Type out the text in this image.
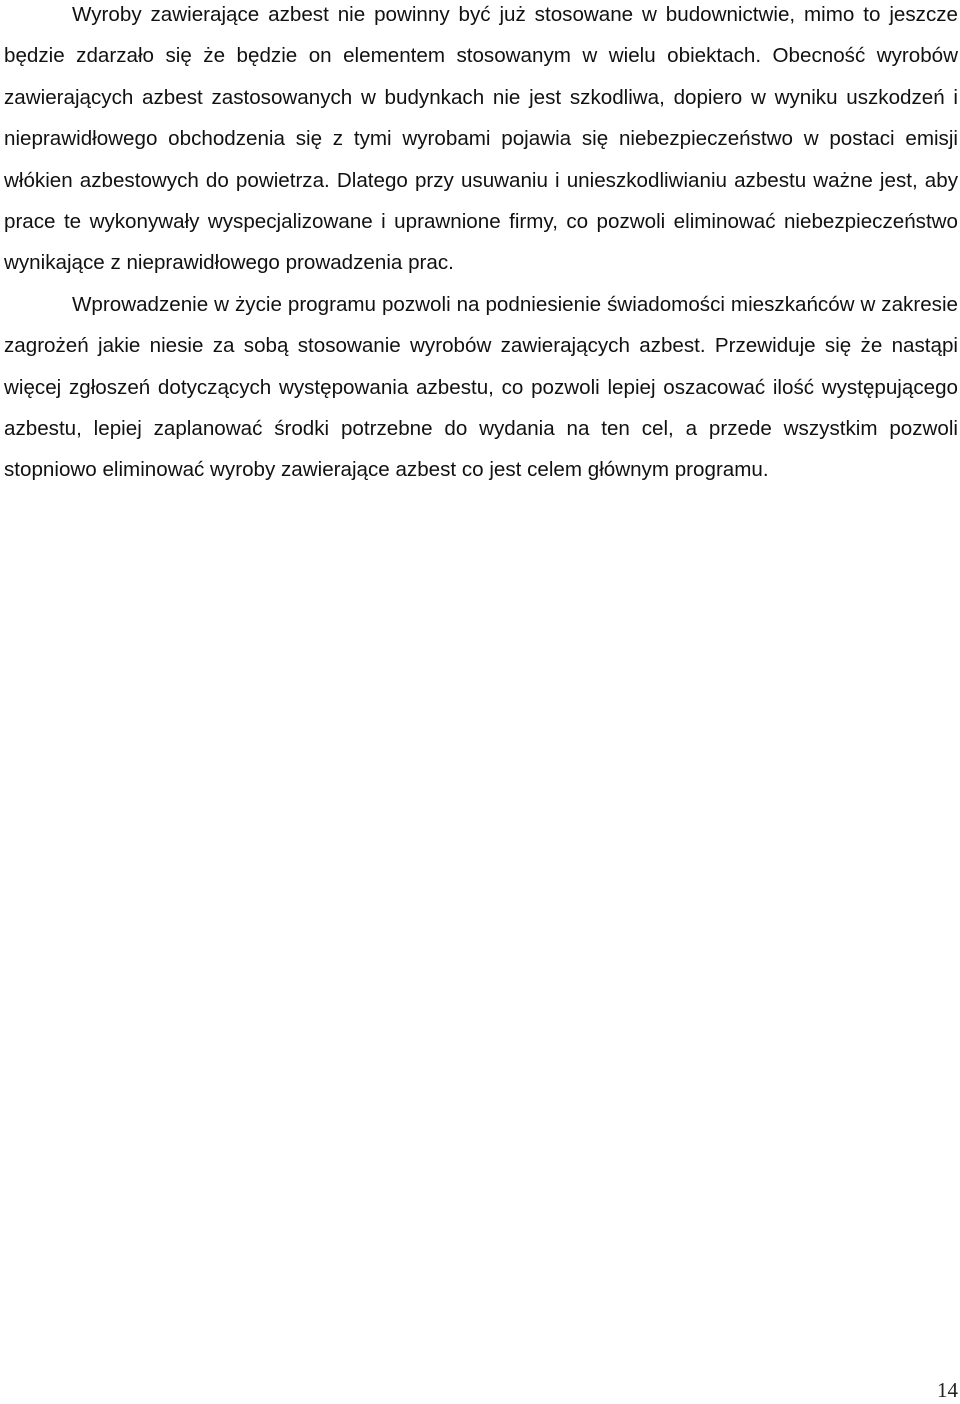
Wyroby zawierające azbest nie powinny być już stosowane w budownictwie, mimo to jeszcze będzie zdarzało się że będzie on elementem stosowanym w wielu obiektach. Obecność wyrobów zawierających azbest zastosowanych w budynkach nie jest szkodliwa, dopiero w wyniku uszkodzeń i nieprawidłowego obchodzenia się z tymi wyrobami pojawia się niebezpieczeństwo w postaci emisji włókien azbestowych do powietrza. Dlatego przy usuwaniu i unieszkodliwianiu azbestu ważne jest, aby prace te wykonywały wyspecjalizowane i uprawnione firmy, co pozwoli eliminować niebezpieczeństwo wynikające z nieprawidłowego prowadzenia prac.

Wprowadzenie w życie programu pozwoli na podniesienie świadomości mieszkańców w zakresie zagrożeń jakie niesie za sobą stosowanie wyrobów zawierających azbest. Przewiduje się że nastąpi więcej zgłoszeń dotyczących występowania azbestu, co pozwoli lepiej oszacować ilość występującego azbestu, lepiej zaplanować środki potrzebne do wydania na ten cel, a przede wszystkim pozwoli stopniowo eliminować wyroby zawierające azbest co jest celem głównym programu.

14
